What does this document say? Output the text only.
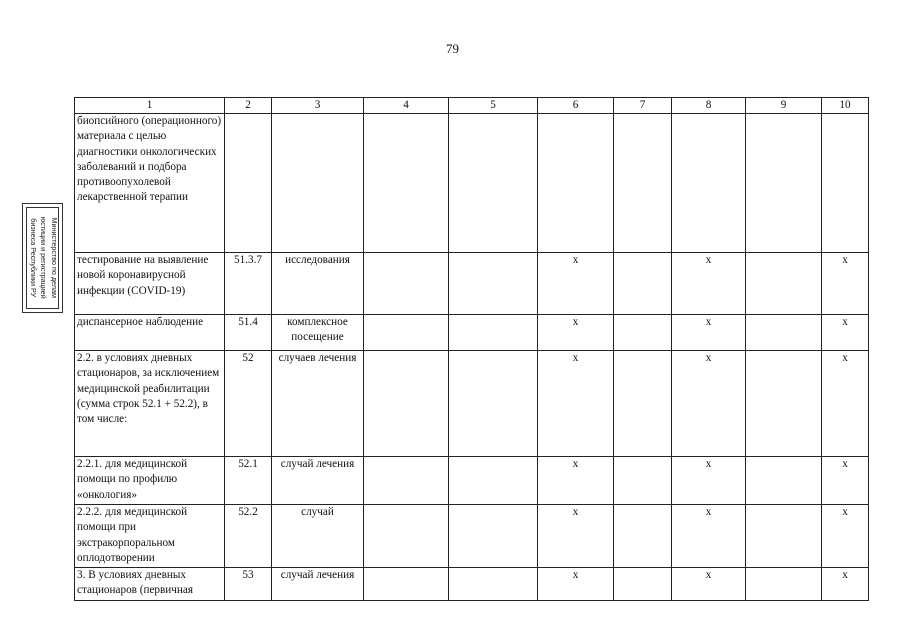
79
Министерство по делам
юстиции и регистрацией
бизнеса Республики РУ
1	2	3	4	5	6	7	8	9	10
биопсийного (операционного) материала с целью диагностики онкологических заболеваний и подбора противоопухолевой лекарственной терапии									
тестирование на выявление новой коронавирусной инфекции (COVID-19)	51.3.7	исследования			х		х		х
диспансерное наблюдение	51.4	комплексное посещение			х		х		х
2.2. в условиях дневных стационаров, за исключением медицинской реабилитации (сумма строк 52.1 + 52.2), в том числе:	52	случаев лечения			х		х		х
2.2.1. для медицинской помощи по профилю «онкология»	52.1	случай лечения			х		х		х
2.2.2. для медицинской помощи при экстракорпоральном оплодотворении	52.2	случай			х		х		х
3. В условиях дневных стационаров (первичная	53	случай лечения			х		х		х
